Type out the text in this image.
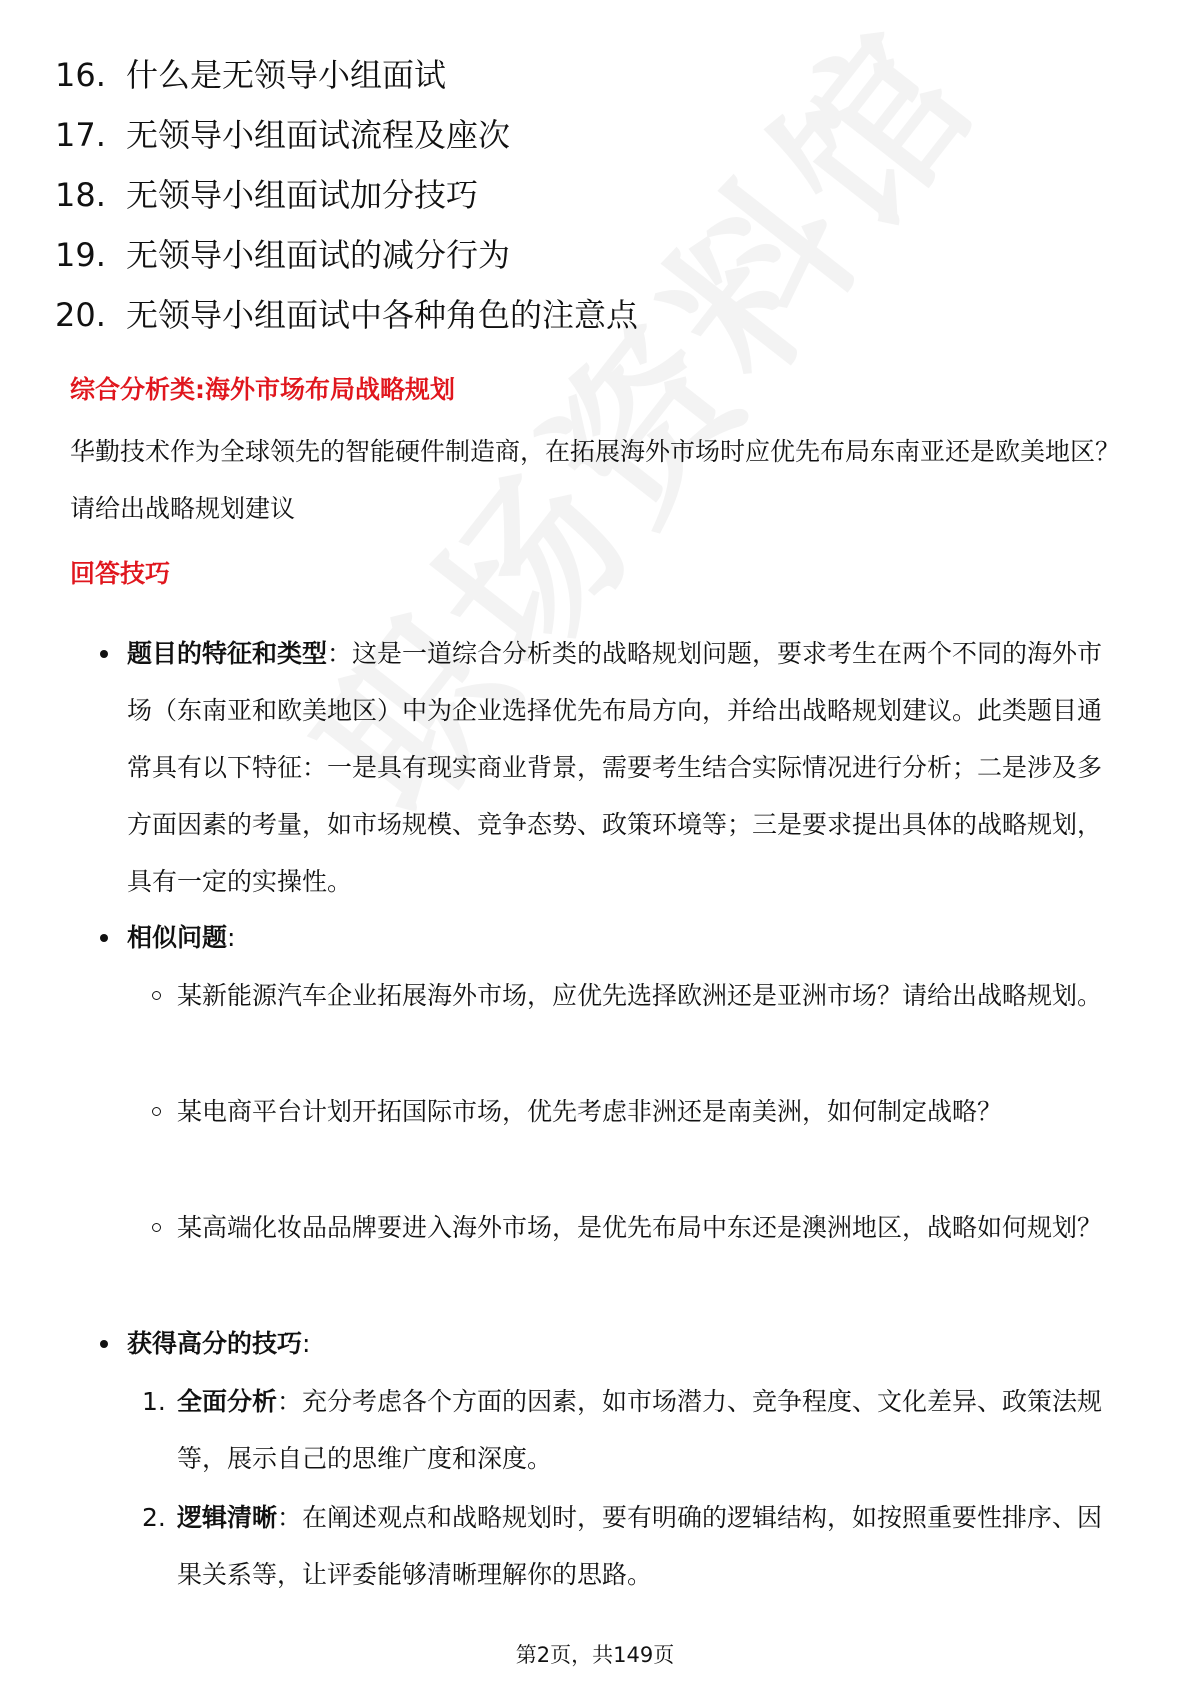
16. 什么是无领导小组面试
17. 无领导小组面试流程及座次
18. 无领导小组面试加分技巧
19. 无领导小组面试的减分行为
20. 无领导小组面试中各种角色的注意点
综合分析类:海外市场布局战略规划
华勤技术作为全球领先的智能硬件制造商，在拓展海外市场时应优先布局东南亚还是欧美地区？请给出战略规划建议
回答技巧
题目的特征和类型：这是一道综合分析类的战略规划问题，要求考生在两个不同的海外市场（东南亚和欧美地区）中为企业选择优先布局方向，并给出战略规划建议。此类题目通常具有以下特征：一是具有现实商业背景，需要考生结合实际情况进行分析；二是涉及多方面因素的考量，如市场规模、竞争态势、政策环境等；三是要求提出具体的战略规划，具有一定的实操性。
相似问题:
某新能源汽车企业拓展海外市场，应优先选择欧洲还是亚洲市场？请给出战略规划。
某电商平台计划开拓国际市场，优先考虑非洲还是南美洲，如何制定战略？
某高端化妆品品牌要进入海外市场，是优先布局中东还是澳洲地区，战略如何规划？
获得高分的技巧:
1. 全面分析：充分考虑各个方面的因素，如市场潜力、竞争程度、文化差异、政策法规等，展示自己的思维广度和深度。
2. 逻辑清晰：在阐述观点和战略规划时，要有明确的逻辑结构，如按照重要性排序、因果关系等，让评委能够清晰理解你的思路。
第2页，共149页
